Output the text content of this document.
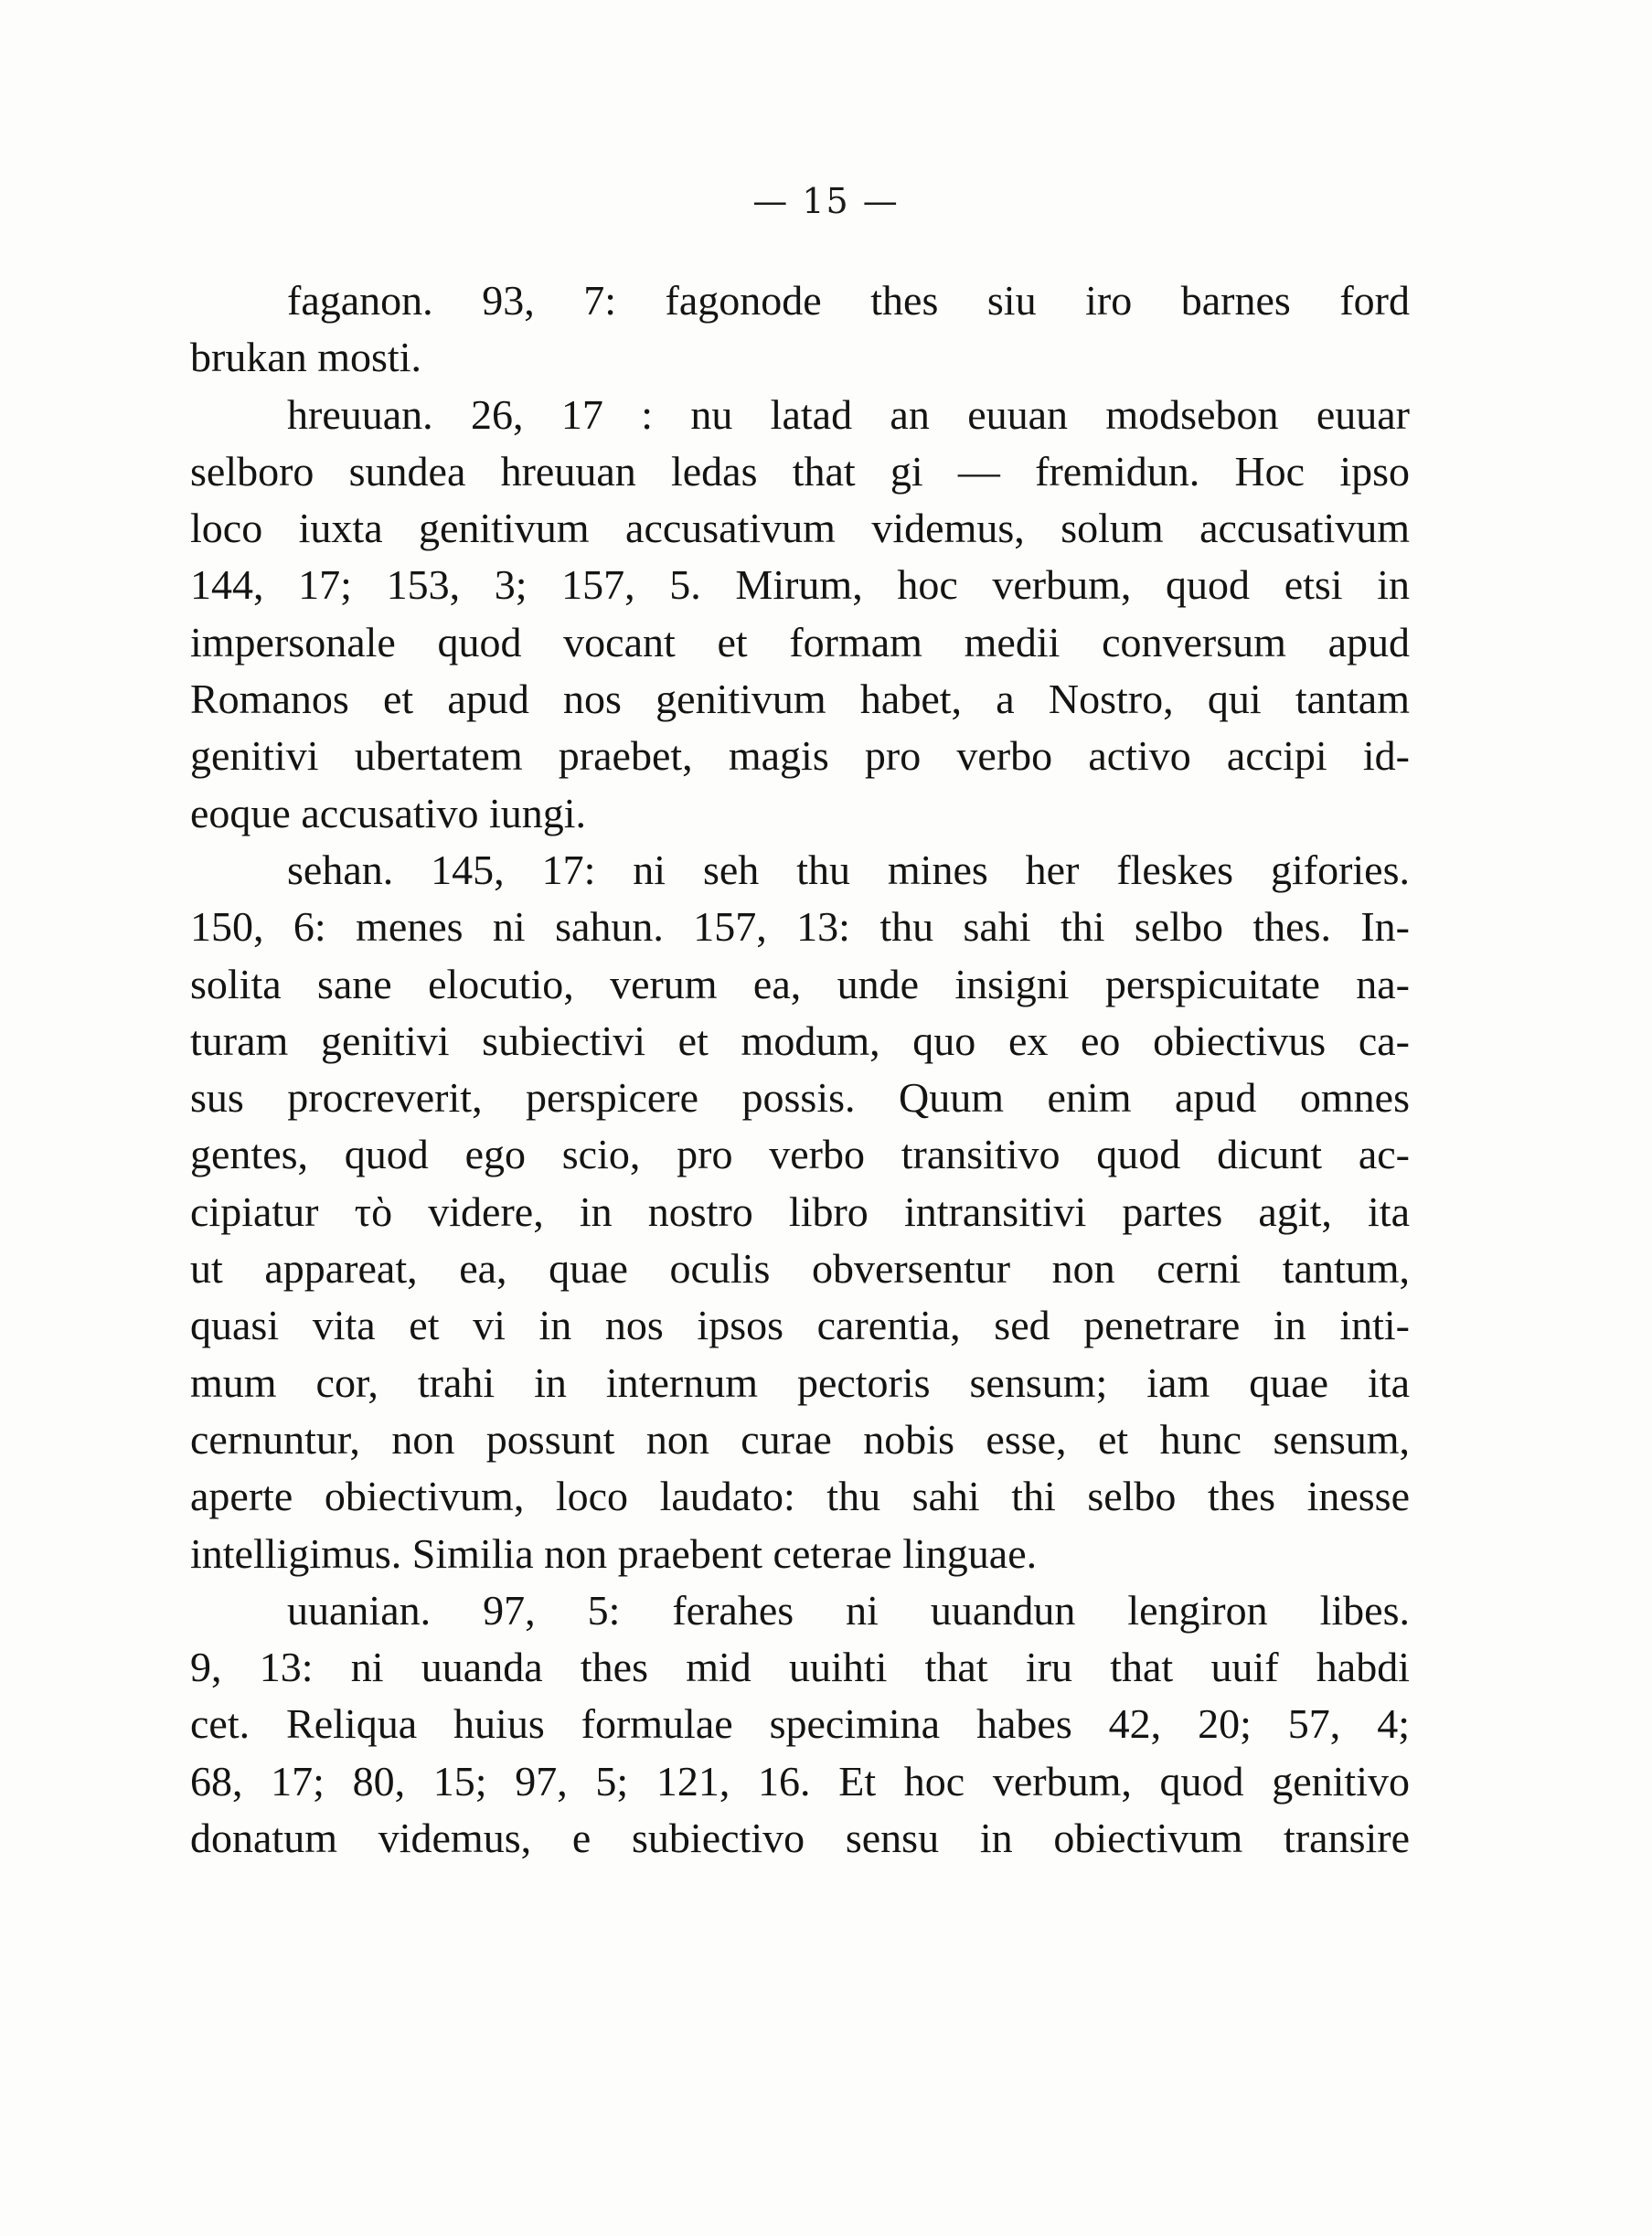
— 15 —
faganon. 93, 7: fagonode thes siu iro barnes ford
brukan mosti.
hreuuan. 26, 17 : nu latad an euuan modsebon euuar
selboro sundea hreuuan ledas that gi — fremidun. Hoc ipso
loco iuxta genitivum accusativum videmus, solum accusativum
144, 17; 153, 3; 157, 5. Mirum, hoc verbum, quod etsi in
impersonale quod vocant et formam medii conversum apud
Romanos et apud nos genitivum habet, a Nostro, qui tantam
genitivi ubertatem praebet, magis pro verbo activo accipi id-
eoque accusativo iungi.
sehan. 145, 17: ni seh thu mines her fleskes gifories.
150, 6: menes ni sahun. 157, 13: thu sahi thi selbo thes. In-
solita sane elocutio, verum ea, unde insigni perspicuitate na-
turam genitivi subiectivi et modum, quo ex eo obiectivus ca-
sus procreverit, perspicere possis. Quum enim apud omnes
gentes, quod ego scio, pro verbo transitivo quod dicunt ac-
cipiatur τὸ videre, in nostro libro intransitivi partes agit, ita
ut appareat, ea, quae oculis obversentur non cerni tantum,
quasi vita et vi in nos ipsos carentia, sed penetrare in inti-
mum cor, trahi in internum pectoris sensum; iam quae ita
cernuntur, non possunt non curae nobis esse, et hunc sensum,
aperte obiectivum, loco laudato: thu sahi thi selbo thes inesse
intelligimus. Similia non praebent ceterae linguae.
uuanian. 97, 5: ferahes ni uuandun lengiron libes.
9, 13: ni uuanda thes mid uuihti that iru that uuif habdi
cet. Reliqua huius formulae specimina habes 42, 20; 57, 4;
68, 17; 80, 15; 97, 5; 121, 16. Et hoc verbum, quod genitivo
donatum videmus, e subiectivo sensu in obiectivum transire
